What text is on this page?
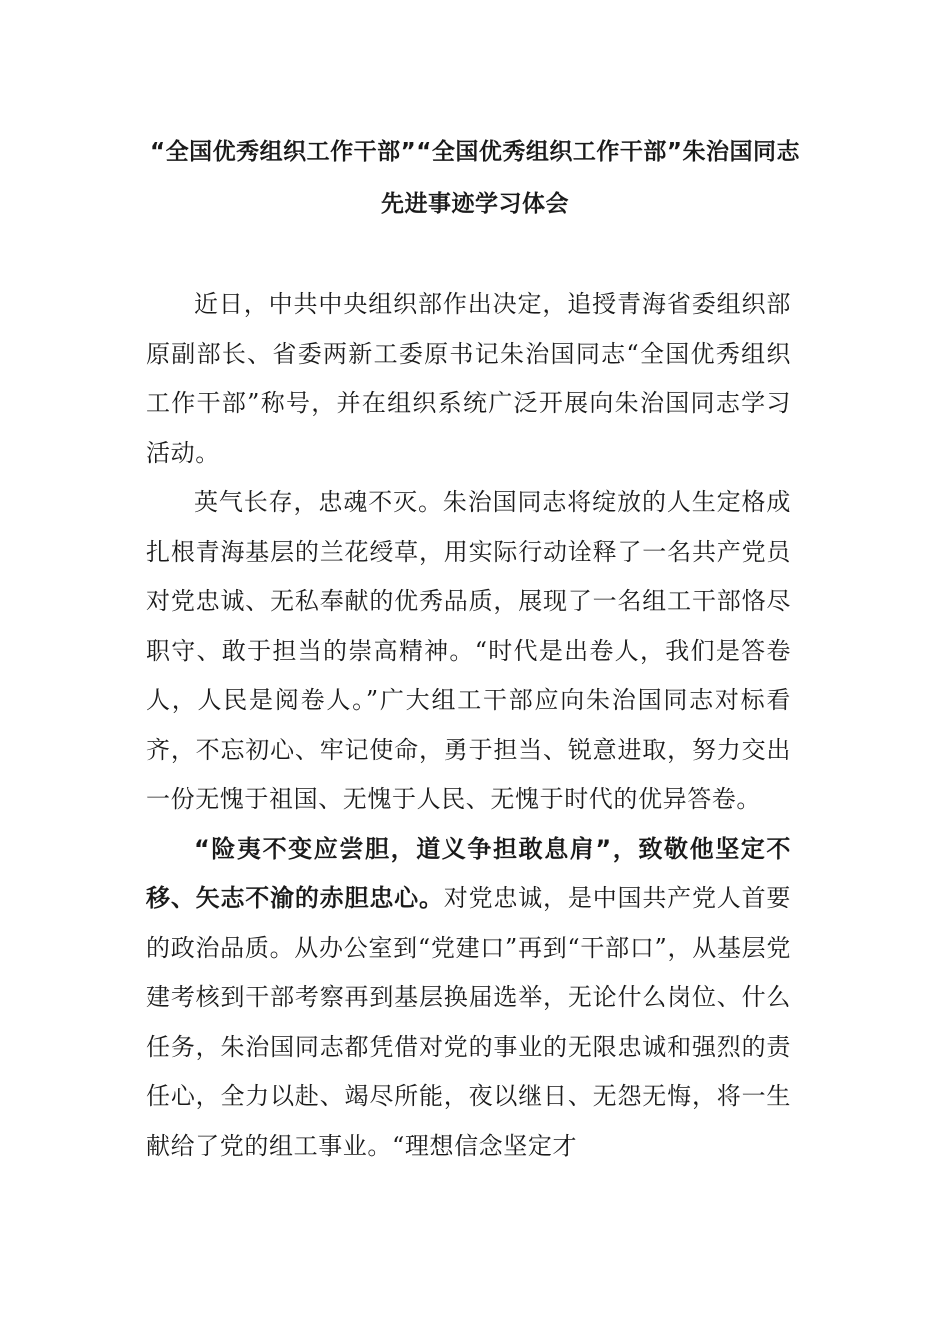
“全国优秀组织工作干部”“全国优秀组织工作干部”朱治国同志先进事迹学习体会

近日，中共中央组织部作出决定，追授青海省委组织部原副部长、省委两新工委原书记朱治国同志“全国优秀组织工作干部”称号，并在组织系统广泛开展向朱治国同志学习活动。

英气长存，忠魂不灭。朱治国同志将绽放的人生定格成扎根青海基层的兰花绶草，用实际行动诠释了一名共产党员对党忠诚、无私奉献的优秀品质，展现了一名组工干部恪尽职守、敢于担当的崇高精神。“时代是出卷人，我们是答卷人，人民是阅卷人。”广大组工干部应向朱治国同志对标看齐，不忘初心、牢记使命，勇于担当、锐意进取，努力交出一份无愧于祖国、无愧于人民、无愧于时代的优异答卷。

“险夷不变应尝胆，道义争担敢息肩”，致敬他坚定不移、矢志不渝的赤胆忠心。对党忠诚，是中国共产党人首要的政治品质。从办公室到“党建口”再到“干部口”，从基层党建考核到干部考察再到基层换届选举，无论什么岗位、什么任务，朱治国同志都凭借对党的事业的无限忠诚和强烈的责任心，全力以赴、竭尽所能，夜以继日、无怨无悔，将一生献给了党的组工事业。“理想信念坚定才
